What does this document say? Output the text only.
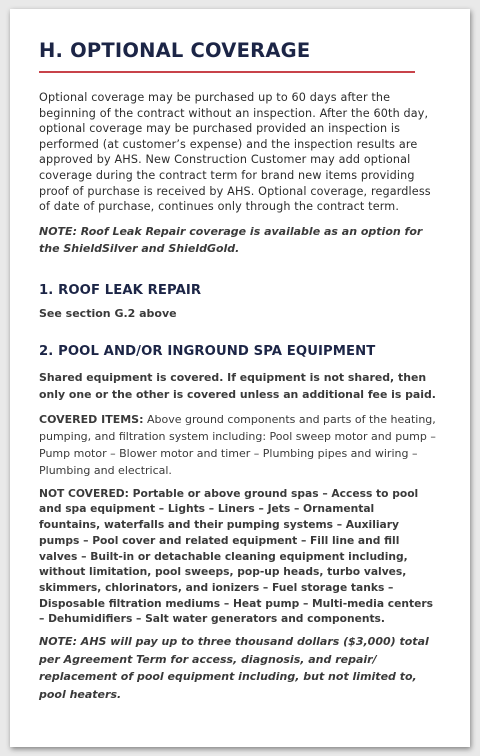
H. OPTIONAL COVERAGE

Optional coverage may be purchased up to 60 days after the beginning of the contract without an inspection. After the 60th day, optional coverage may be purchased provided an inspection is performed (at customer’s expense) and the inspection results are approved by AHS. New Construction Customer may add optional coverage during the contract term for brand new items providing proof of purchase is received by AHS. Optional coverage, regardless of date of purchase, continues only through the contract term.

NOTE: Roof Leak Repair coverage is available as an option for the ShieldSilver and ShieldGold.

1. ROOF LEAK REPAIR

See section G.2 above

2. POOL AND/OR INGROUND SPA EQUIPMENT

Shared equipment is covered. If equipment is not shared, then only one or the other is covered unless an additional fee is paid.

COVERED ITEMS: Above ground components and parts of the heating, pumping, and filtration system including: Pool sweep motor and pump – Pump motor – Blower motor and timer – Plumbing pipes and wiring – Plumbing and electrical.

NOT COVERED: Portable or above ground spas – Access to pool and spa equipment – Lights – Liners – Jets – Ornamental fountains, waterfalls and their pumping systems – Auxiliary pumps – Pool cover and related equipment – Fill line and fill valves – Built-in or detachable cleaning equipment including, without limitation, pool sweeps, pop-up heads, turbo valves, skimmers, chlorinators, and ionizers – Fuel storage tanks – Disposable filtration mediums – Heat pump – Multi-media centers – Dehumidifiers – Salt water generators and components.

NOTE: AHS will pay up to three thousand dollars ($3,000) total per Agreement Term for access, diagnosis, and repair/ replacement of pool equipment including, but not limited to, pool heaters.
